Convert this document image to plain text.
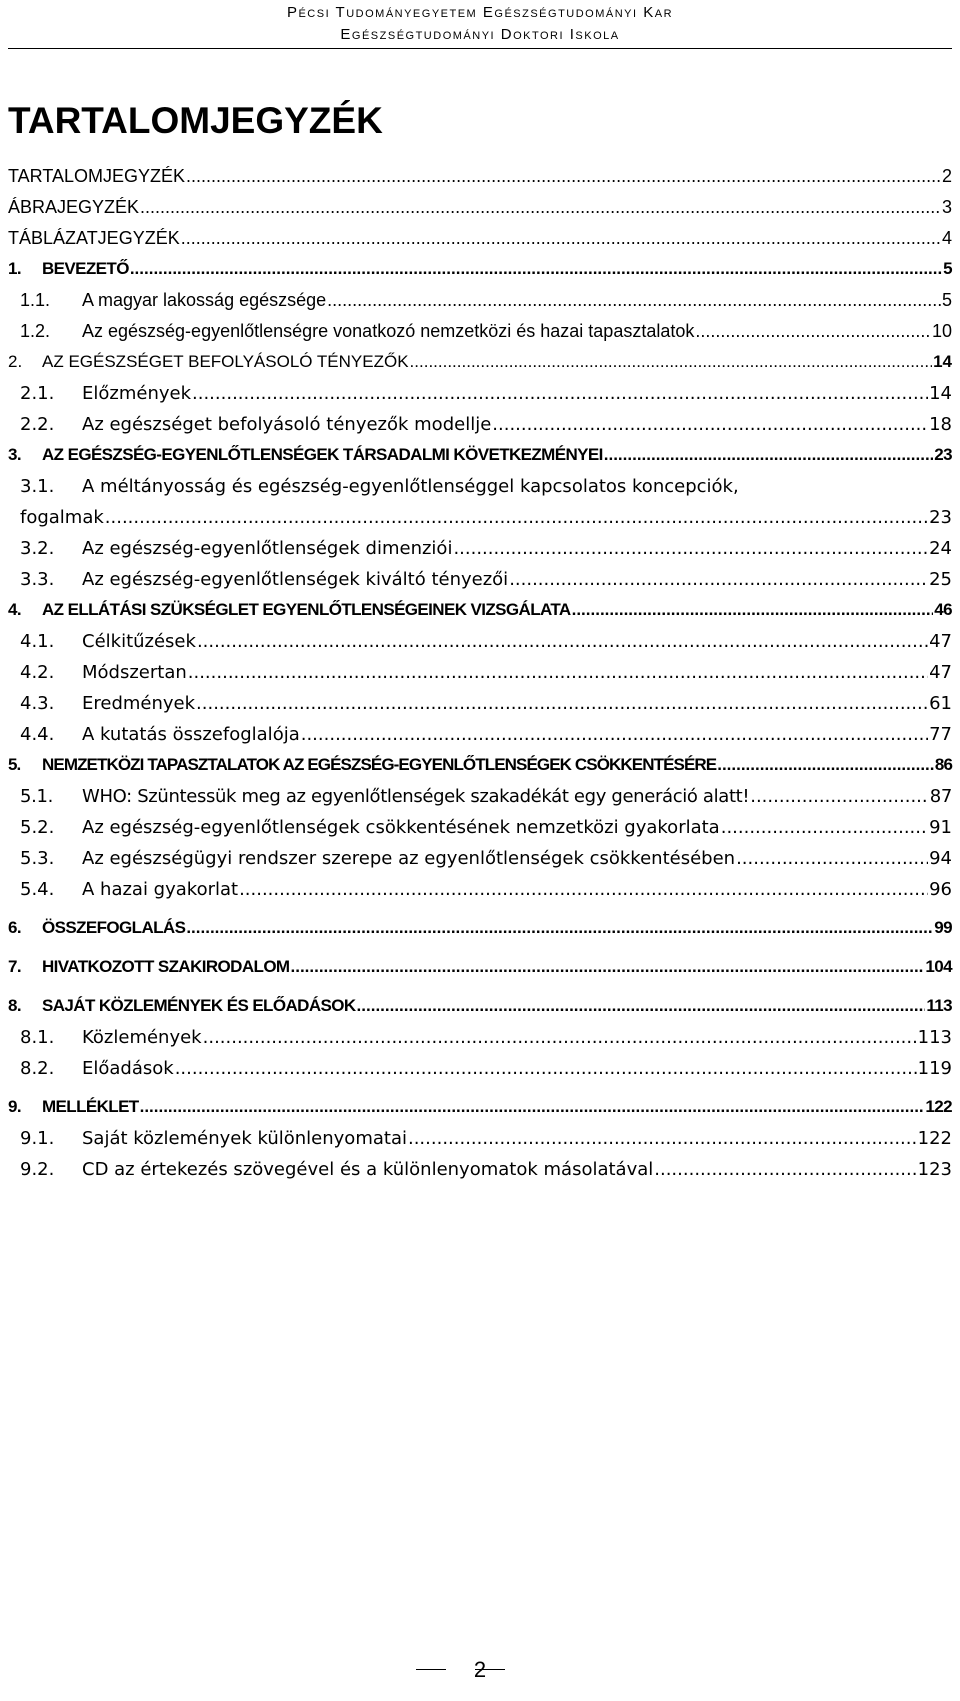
Pécsi Tudományegyetem Egészségtudományi Kar
Egészségtudományi Doktori Iskola
TARTALOMJEGYZÉK
TARTALOMJEGYZÉK .....	2
ÁBRAJEGYZÉK .....	3
TÁBLÁZATJEGYZÉK .....	4
1.	BEVEZETŐ .....	5
1.1.	A magyar lakosság egészsége .....	5
1.2.	Az egészség-egyenlőtlenségre vonatkozó nemzetközi és hazai tapasztalatok .....	10
2.	AZ EGÉSZSÉGET BEFOLYÁSOLÓ TÉNYEZŐK .....	14
2.1.	Előzmények .....	14
2.2.	Az egészséget befolyásoló tényezők modellje .....	18
3.	AZ EGÉSZSÉG-EGYENLŐTLENSÉGEK TÁRSADALMI KÖVETKEZMÉNYEI .....	23
3.1.	A méltányosság és egészség-egyenlőtlenséggel kapcsolatos koncepciók,
fogalmak .....	23
3.2.	Az egészség-egyenlőtlenségek dimenziói .....	24
3.3.	Az egészség-egyenlőtlenségek kiváltó tényezői .....	25
4.	AZ ELLÁTÁSI SZÜKSÉGLET EGYENLŐTLENSÉGEINEK VIZSGÁLATA .....	46
4.1.	Célkitűzések .....	47
4.2.	Módszertan .....	47
4.3.	Eredmények .....	61
4.4.	A kutatás összefoglalója .....	77
5.	NEMZETKÖZI TAPASZTALATOK AZ EGÉSZSÉG-EGYENLŐTLENSÉGEK CSÖKKENTÉSÉRE .....	86
5.1.	WHO: Szüntessük meg az egyenlőtlenségek szakadékát egy generáció alatt! .....	87
5.2.	Az egészség-egyenlőtlenségek csökkentésének nemzetközi gyakorlata .....	91
5.3.	Az egészségügyi rendszer szerepe az egyenlőtlenségek csökkentésében .....	94
5.4.	A hazai gyakorlat .....	96
6.	ÖSSZEFOGLALÁS .....	99
7.	HIVATKOZOTT SZAKIRODALOM .....	104
8.	SAJÁT KÖZLEMÉNYEK ÉS ELŐADÁSOK .....	113
8.1.	Közlemények .....	113
8.2.	Előadások .....	119
9.	MELLÉKLET .....	122
9.1.	Saját közlemények különlenyomatai .....	122
9.2.	CD az értekezés szövegével és a különlenyomatok másolatával .....	123
2
